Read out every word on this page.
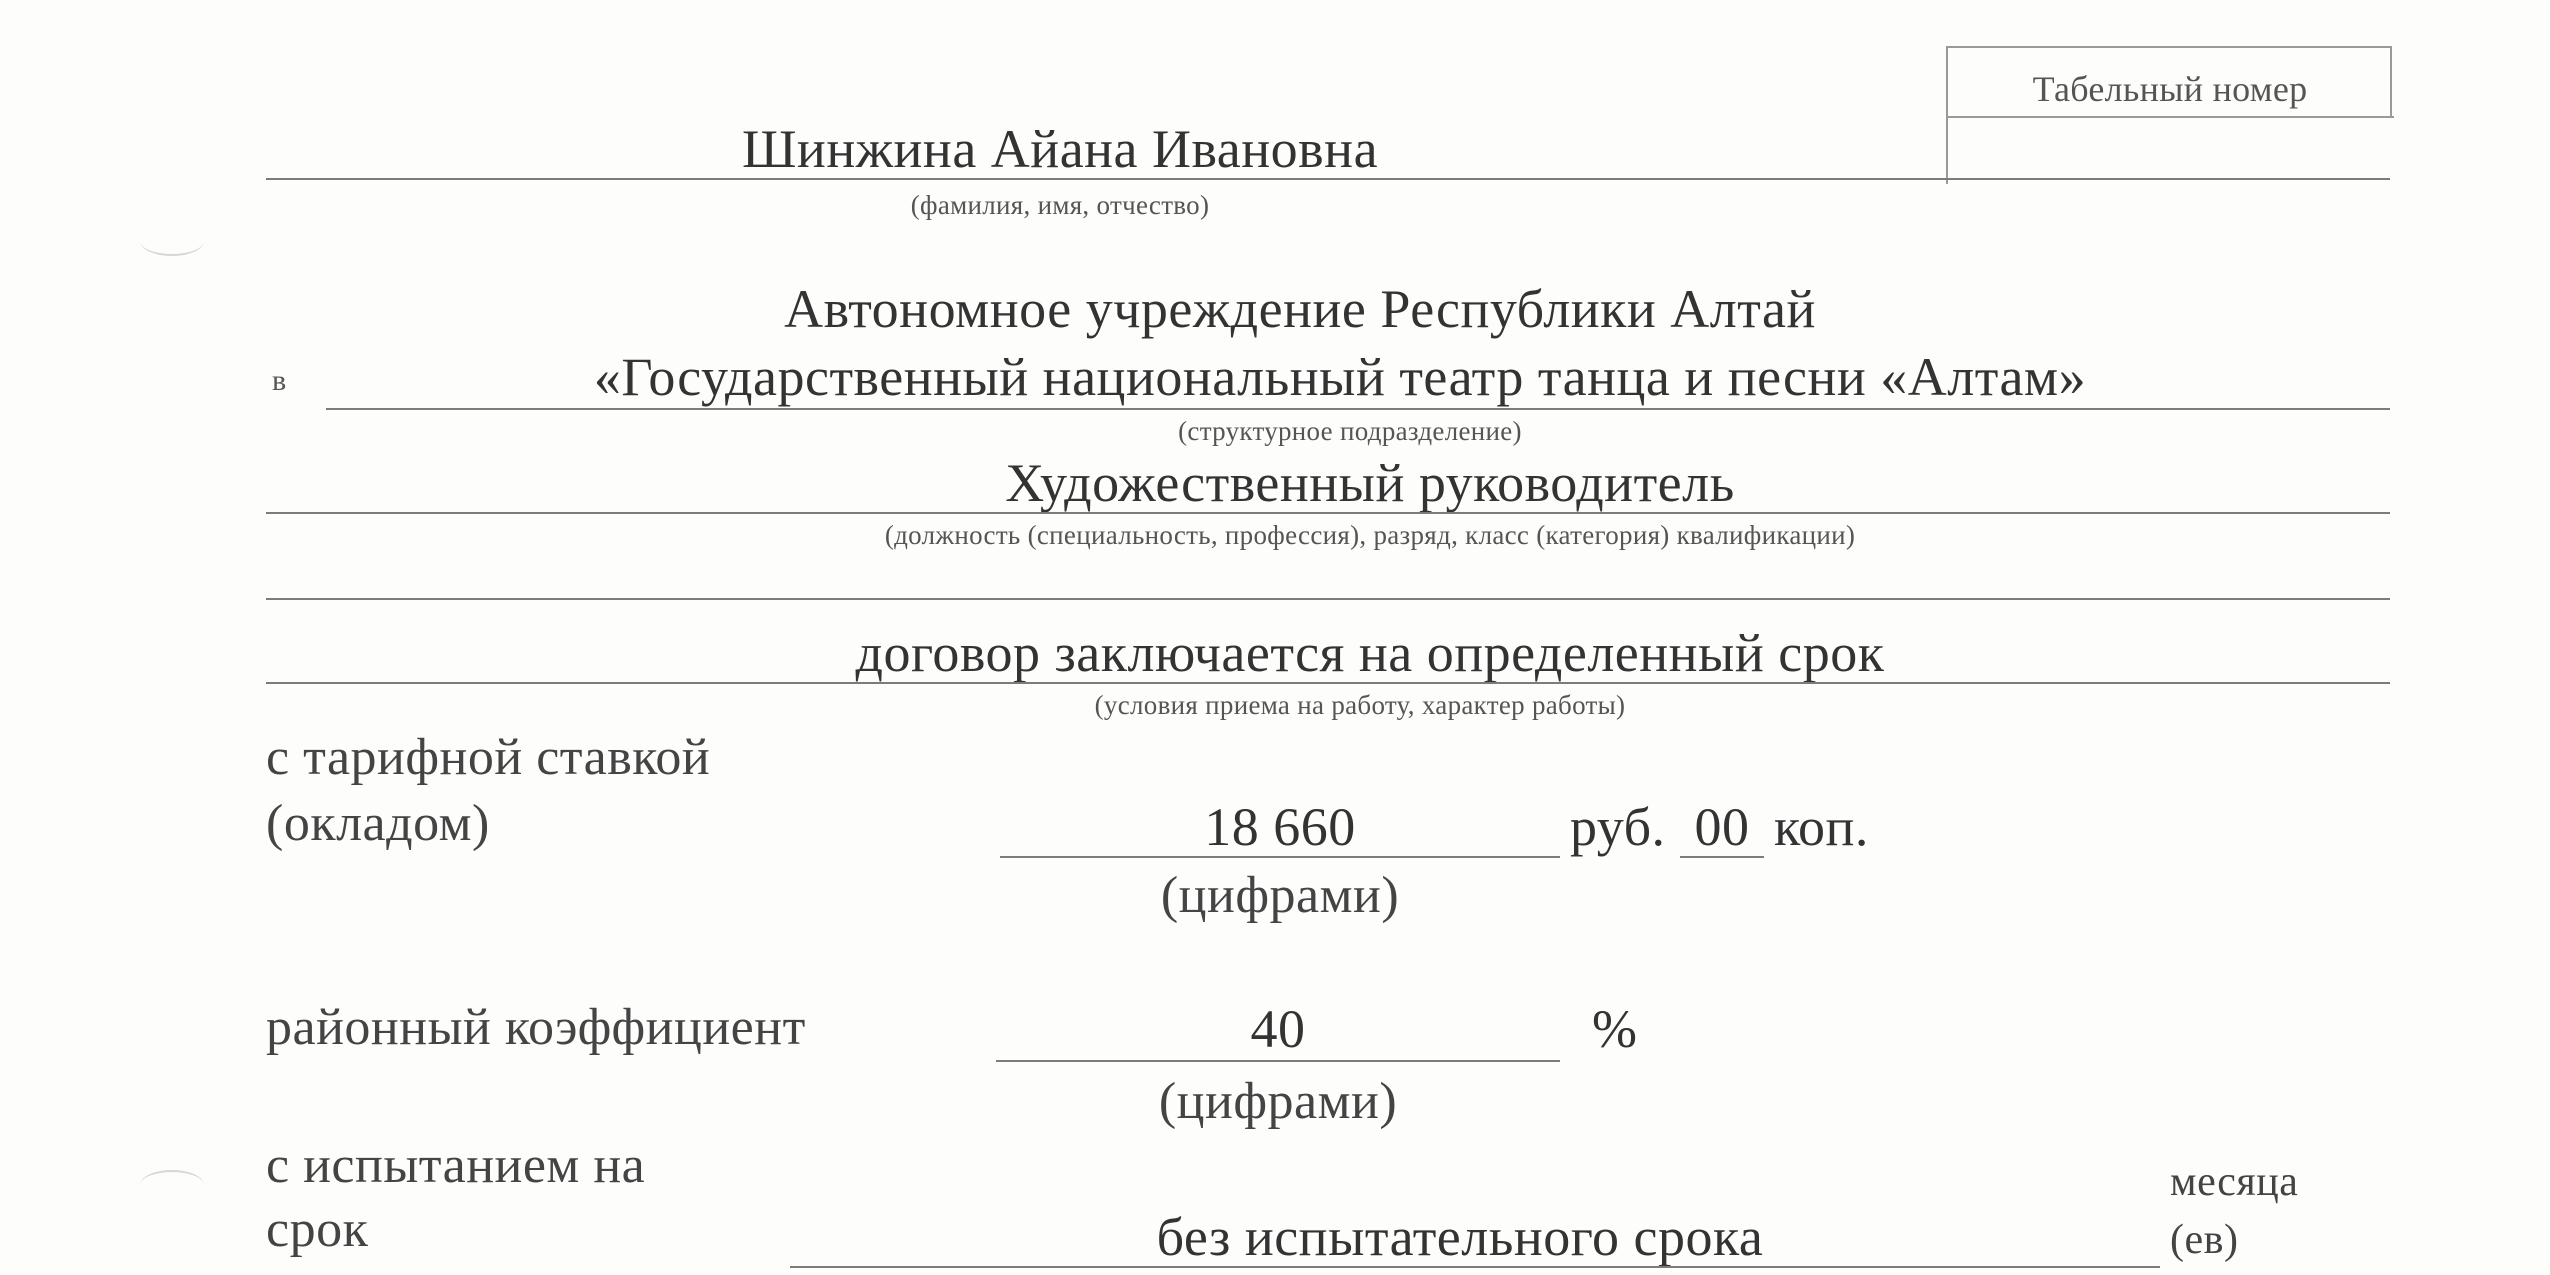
Табельный номер
Шинжина Айана Ивановна
(фамилия, имя, отчество)
Автономное учреждение Республики Алтай
в	«Государственный национальный театр танца и песни «Алтам»
(структурное подразделение)
Художественный руководитель
(должность (специальность, профессия), разряд, класс (категория) квалификации)
договор заключается на определенный срок
(условия приема на работу, характер работы)
с тарифной ставкой
(окладом)	18 660	руб. 00 коп.
(цифрами)
районный коэффициент	40	%
(цифрами)
с испытанием на
срок	без испытательного срока
месяца
(ев)
